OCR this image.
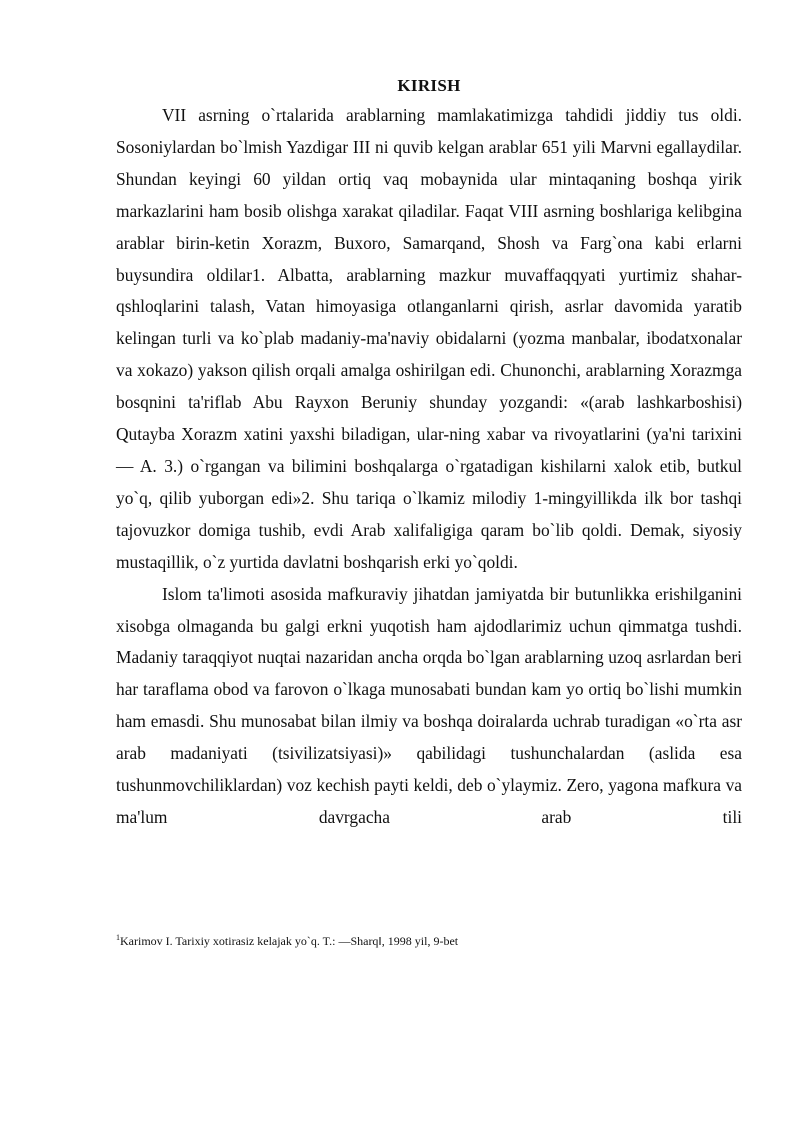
KIRISH

VII asrning o`rtalarida arablarning mamlakatimizga tahdidi jiddiy tus oldi. Sosoniylardan bo`lmish Yazdigar III ni quvib kelgan arablar 651 yili Marvni egallaydilar. Shundan keyingi 60 yildan ortiq vaq mobaynida ular mintaqaning boshqa yirik markazlarini ham bosib olishga xarakat qiladilar. Faqat VIII asrning boshlariga kelibgina arablar birin-ketin Xorazm, Buxoro, Samarqand, Shosh va Farg`ona kabi erlarni buysundira oldilar1. Albatta, arablarning mazkur muvaffaqqyati yurtimiz shahar-qshloqlarini talash, Vatan himoyasiga otlanganlarni qirish, asrlar davomida yaratib kelingan turli va ko`plab madaniy-ma'naviy obidalarni (yozma manbalar, ibodatxonalar va xokazo) yakson qilish orqali amalga oshirilgan edi. Chunonchi, arablarning Xorazmga bosqnini ta'riflab Abu Rayxon Beruniy shunday yozgandi: «(arab lashkarboshisi) Qutayba Xorazm xatini yaxshi biladigan, ular-ning xabar va rivoyatlarini (ya'ni tarixini — A. 3.) o`rgangan va bilimini boshqalarga o`rgatadigan kishilarni xalok etib, butkul yo`q, qilib yuborgan edi»2. Shu tariqa o`lkamiz milodiy 1-mingyillikda ilk bor tashqi tajovuzkor domiga tushib, evdi Arab xalifaligiga qaram bo`lib qoldi. Demak, siyosiy mustaqillik, o`z yurtida davlatni boshqarish erki yo`qoldi.

Islom ta'limoti asosida mafkuraviy jihatdan jamiyatda bir butunlikka erishilganini xisobga olmaganda bu galgi erkni yuqotish ham ajdodlarimiz uchun qimmatga tushdi. Madaniy taraqqiyot nuqtai nazaridan ancha orqda bo`lgan arablarning uzoq asrlardan beri har taraflama obod va farovon o`lkaga munosabati bundan kam yo ortiq bo`lishi mumkin ham emasdi. Shu munosabat bilan ilmiy va boshqa doiralarda uchrab turadigan «o`rta asr arab madaniyati (tsivilizatsiyasi)» qabilidagi tushunchalardan (aslida esa tushunmovchiliklardan) voz kechish payti keldi, deb o`ylaymiz. Zero, yagona mafkura va ma'lum davrgacha arab tili

$^1$Karimov I. Tarixiy xotirasiz kelajak yo`q. T.: ―Sharq‖, 1998 yil, 9-bet
